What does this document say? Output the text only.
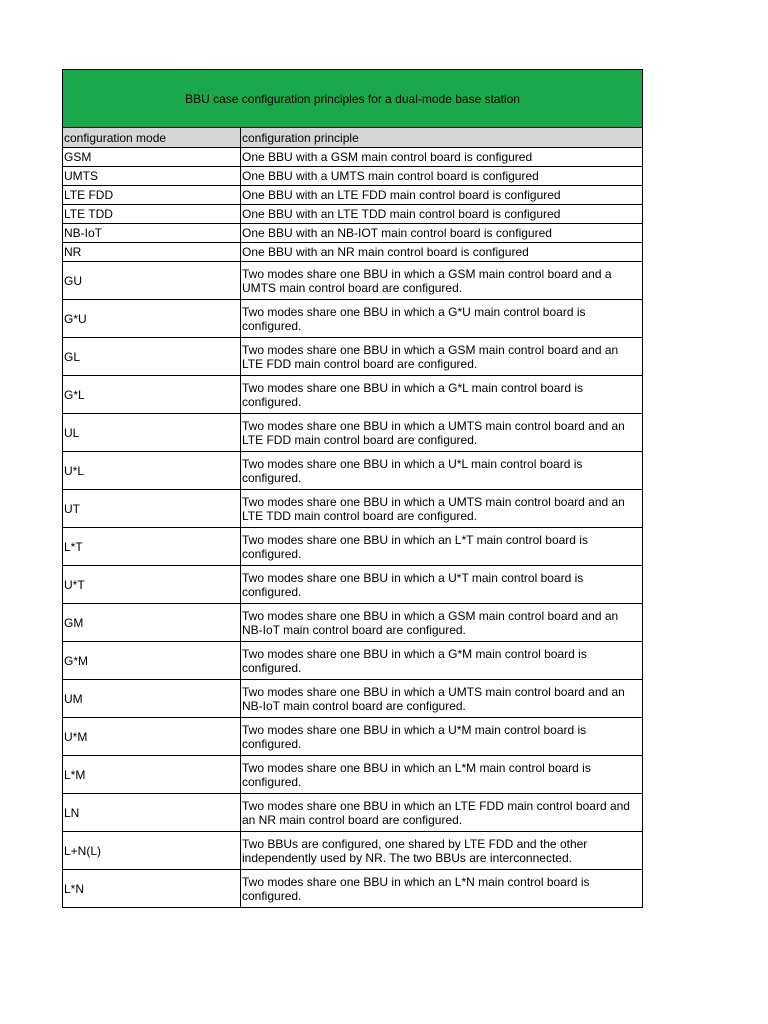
BBU case configuration principles for a dual-mode base station	
configuration mode	configuration principle
GSM	One BBU with a GSM main control board is configured
UMTS	One BBU with a UMTS main control board is configured
LTE FDD	One BBU with an LTE FDD main control board is configured
LTE TDD	One BBU with an LTE TDD main control board is configured
NB-IoT	One BBU with an NB-IOT main control board is configured
NR	One BBU with an NR main control board is configured
GU	Two modes share one BBU in which a GSM main control board and a UMTS main control board are configured.
G*U	Two modes share one BBU in which a G*U main control board is configured.
GL	Two modes share one BBU in which a GSM main control board and an LTE FDD main control board are configured.
G*L	Two modes share one BBU in which a G*L main control board is configured.
UL	Two modes share one BBU in which a UMTS main control board and an LTE FDD main control board are configured.
U*L	Two modes share one BBU in which a U*L main control board is configured.
UT	Two modes share one BBU in which a UMTS main control board and an LTE TDD main control board are configured.
L*T	Two modes share one BBU in which an L*T main control board is configured.
U*T	Two modes share one BBU in which a U*T main control board is configured.
GM	Two modes share one BBU in which a GSM main control board and an NB-IoT main control board are configured.
G*M	Two modes share one BBU in which a G*M main control board is configured.
UM	Two modes share one BBU in which a UMTS main control board and an NB-IoT main control board are configured.
U*M	Two modes share one BBU in which a U*M main control board is configured.
L*M	Two modes share one BBU in which an L*M main control board is configured.
LN	Two modes share one BBU in which an LTE FDD main control board and an NR main control board are configured.
L+N(L)	Two BBUs are configured, one shared by LTE FDD and the other independently used by NR. The two BBUs are interconnected.
L*N	Two modes share one BBU in which an L*N main control board is configured.
